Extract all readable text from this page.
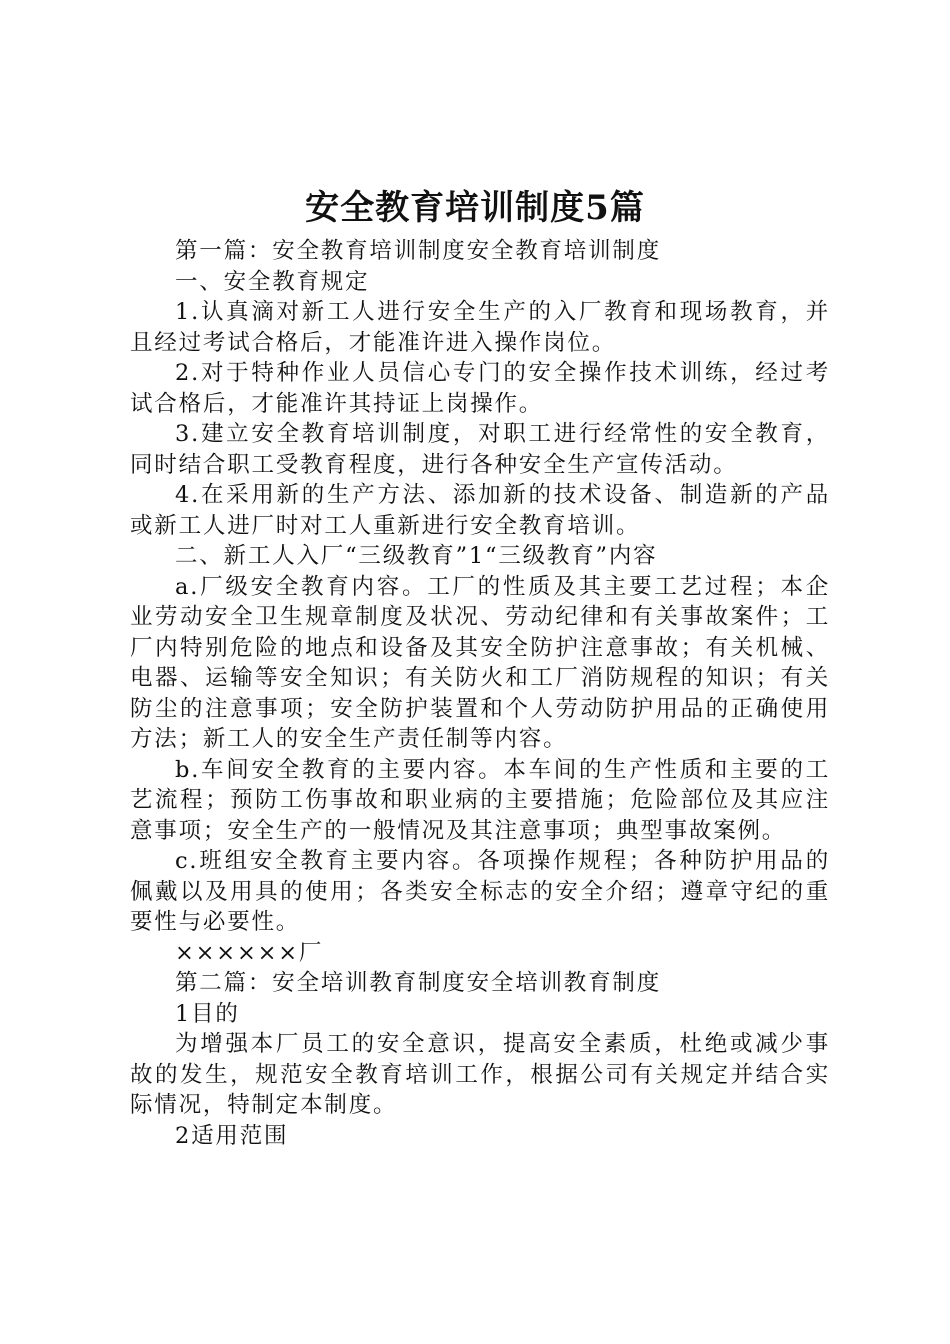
安全教育培训制度5篇

第一篇：安全教育培训制度安全教育培训制度

一、安全教育规定

1.认真滴对新工人进行安全生产的入厂教育和现场教育，并且经过考试合格后，才能准许进入操作岗位。

2.对于特种作业人员信心专门的安全操作技术训练，经过考试合格后，才能准许其持证上岗操作。

3.建立安全教育培训制度，对职工进行经常性的安全教育，同时结合职工受教育程度，进行各种安全生产宣传活动。

4.在采用新的生产方法、添加新的技术设备、制造新的产品或新工人进厂时对工人重新进行安全教育培训。

二、新工人入厂“三级教育”1“三级教育”内容

a.厂级安全教育内容。工厂的性质及其主要工艺过程；本企业劳动安全卫生规章制度及状况、劳动纪律和有关事故案件；工厂内特别危险的地点和设备及其安全防护注意事故；有关机械、电器、运输等安全知识；有关防火和工厂消防规程的知识；有关防尘的注意事项；安全防护装置和个人劳动防护用品的正确使用方法；新工人的安全生产责任制等内容。

b.车间安全教育的主要内容。本车间的生产性质和主要的工艺流程；预防工伤事故和职业病的主要措施；危险部位及其应注意事项；安全生产的一般情况及其注意事项；典型事故案例。

c.班组安全教育主要内容。各项操作规程；各种防护用品的佩戴以及用具的使用；各类安全标志的安全介绍；遵章守纪的重要性与必要性。

××××××厂

第二篇：安全培训教育制度安全培训教育制度

1目的

为增强本厂员工的安全意识，提高安全素质，杜绝或减少事故的发生，规范安全教育培训工作，根据公司有关规定并结合实际情况，特制定本制度。

2适用范围
